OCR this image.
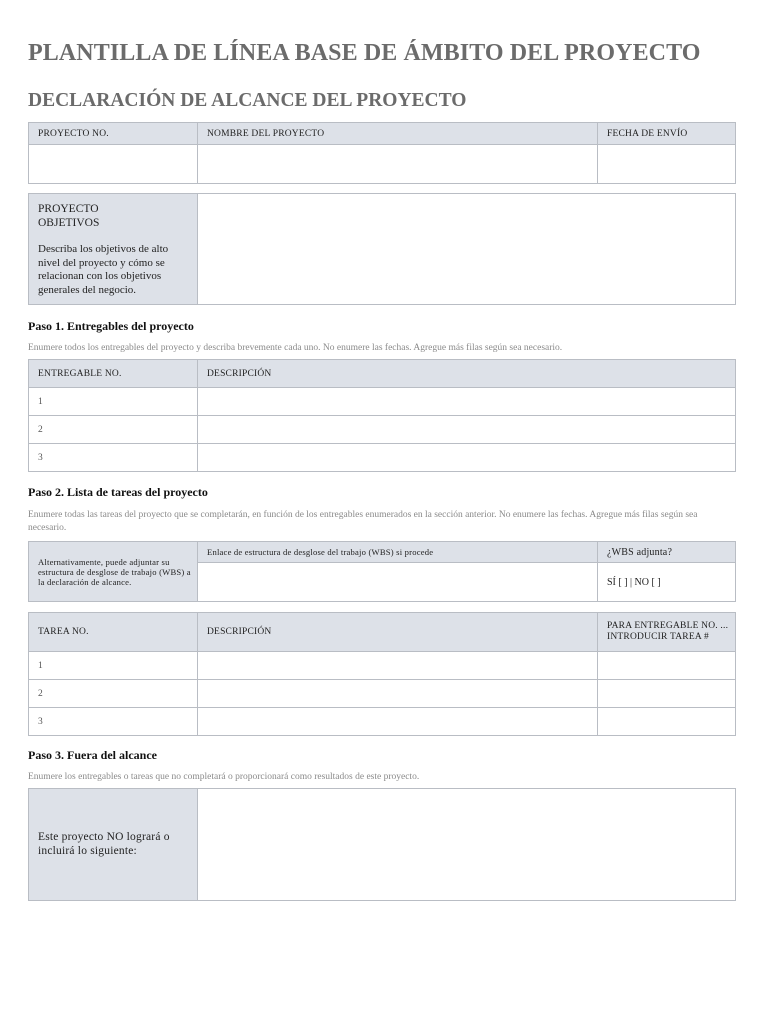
PLANTILLA DE LÍNEA BASE DE ÁMBITO DEL PROYECTO
DECLARACIÓN DE ALCANCE DEL PROYECTO
PROYECTO NO.	NOMBRE DEL PROYECTO	FECHA DE ENVÍO

PROYECTO

OBJETIVOS

Describa los objetivos de alto nivel del proyecto y cómo se relacionan con los objetivos generales del negocio.

Paso 1. Entregables del proyecto
Enumere todos los entregables del proyecto y describa brevemente cada uno. No enumere las fechas. Agregue más filas según sea necesario.
ENTREGABLE NO.	DESCRIPCIÓN
1	
2	
3	
Paso 2. Lista de tareas del proyecto
Enumere todas las tareas del proyecto que se completarán, en función de los entregables enumerados en la sección anterior. No enumere las fechas. Agregue más filas según sea necesario.
Alternativamente, puede adjuntar su estructura de desglose de trabajo (WBS) a la declaración de alcance.	Enlace de estructura de desglose del trabajo (WBS) si procede	¿WBS adjunta?
		SÍ [ ] | NO [ ]
TAREA NO.	DESCRIPCIÓN	PARA ENTREGABLE NO. ...
INTRODUCIR TAREA #

1		
2		
3		
Paso 3. Fuera del alcance
Enumere los entregables o tareas que no completará o proporcionará como resultados de este proyecto.
Este proyecto NO logrará o incluirá lo siguiente:	
